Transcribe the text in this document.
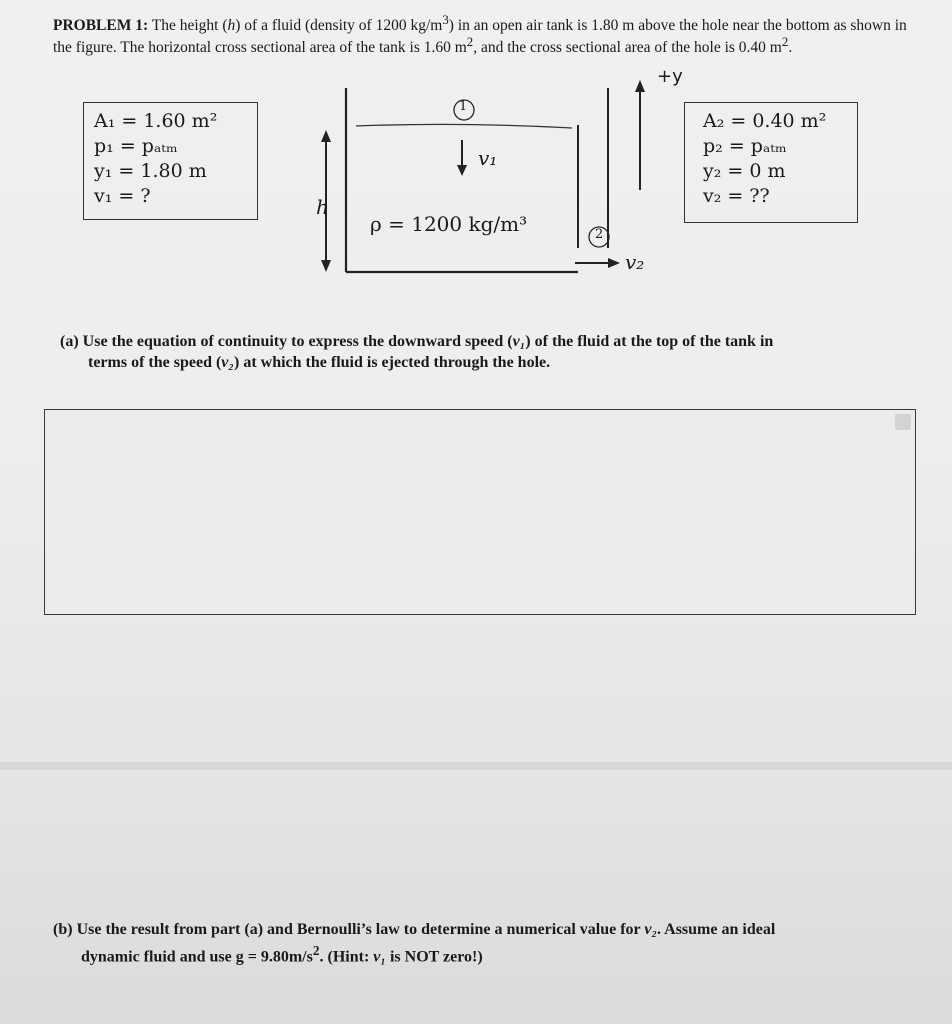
PROBLEM 1: The height (h) of a fluid (density of 1200 $kg/m^3$) in an open air tank is 1.80 m above the hole near the bottom as shown in the figure. The horizontal cross sectional area of the tank is 1.60 $m^2$, and the cross sectional area of the hole is 0.40 $m^2$.
A₁ = 1.60 m²
p₁ = pₐₜₘ
y₁ = 1.80 m
v₁ = ?
A₂ = 0.40 m²
p₂ = pₐₜₘ
y₂ = 0 m
v₂ = ??
+y
1
2
v₁
v₂
h
ρ = 1200 kg/m³
(a) Use the equation of continuity to express the downward speed (v₁) of the fluid at the top of the tank in
terms of the speed (v₂) at which the fluid is ejected through the hole.
(b) Use the result from part (a) and Bernoulli’s law to determine a numerical value for v₂. Assume an ideal
dynamic fluid and use $g = 9.80m/s^2$. (Hint: v₁ is NOT zero!)
